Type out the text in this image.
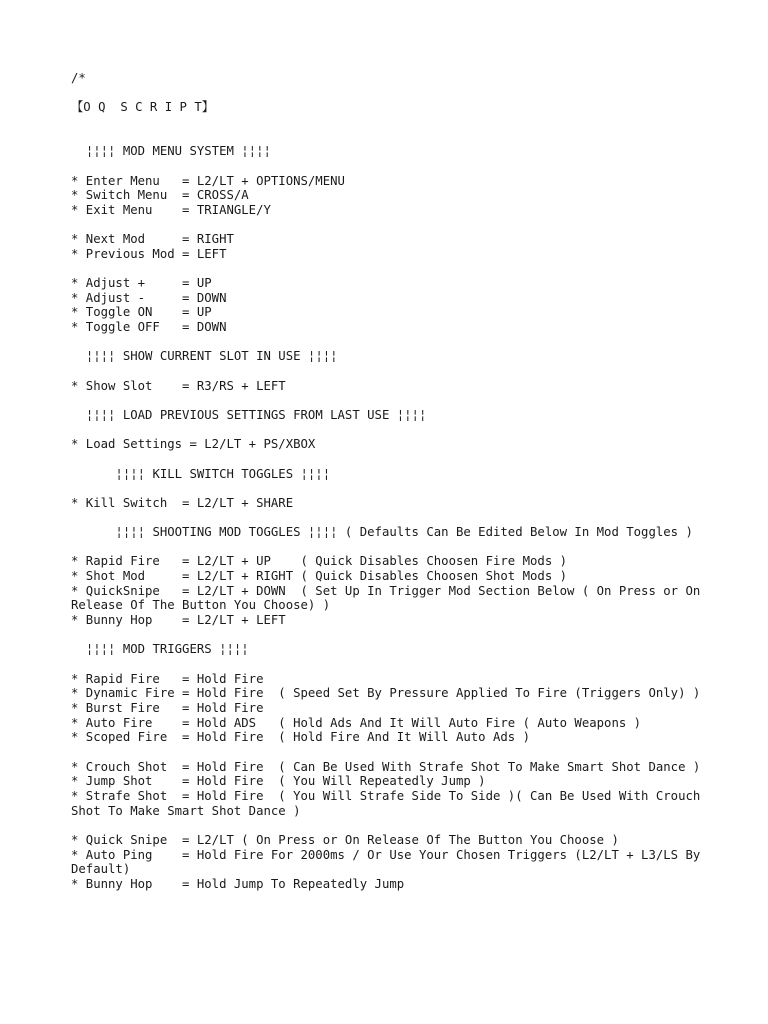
/*
【O Q  S C R I P T】
¦¦¦¦ MOD MENU SYSTEM ¦¦¦¦
* Enter Menu   = L2/LT + OPTIONS/MENU
* Switch Menu  = CROSS/A
* Exit Menu    = TRIANGLE/Y
* Next Mod     = RIGHT
* Previous Mod = LEFT
* Adjust +     = UP
* Adjust -     = DOWN
* Toggle ON    = UP
* Toggle OFF   = DOWN
¦¦¦¦ SHOW CURRENT SLOT IN USE ¦¦¦¦
* Show Slot    = R3/RS + LEFT
¦¦¦¦ LOAD PREVIOUS SETTINGS FROM LAST USE ¦¦¦¦
* Load Settings = L2/LT + PS/XBOX
¦¦¦¦ KILL SWITCH TOGGLES ¦¦¦¦
* Kill Switch  = L2/LT + SHARE
¦¦¦¦ SHOOTING MOD TOGGLES ¦¦¦¦ ( Defaults Can Be Edited Below In Mod Toggles )
* Rapid Fire   = L2/LT + UP    ( Quick Disables Choosen Fire Mods )
* Shot Mod     = L2/LT + RIGHT ( Quick Disables Choosen Shot Mods )
* QuickSnipe   = L2/LT + DOWN  ( Set Up In Trigger Mod Section Below ( On Press or On Release Of The Button You Choose) )
* Bunny Hop    = L2/LT + LEFT
¦¦¦¦ MOD TRIGGERS ¦¦¦¦
* Rapid Fire   = Hold Fire
* Dynamic Fire = Hold Fire  ( Speed Set By Pressure Applied To Fire (Triggers Only) )
* Burst Fire   = Hold Fire
* Auto Fire    = Hold ADS   ( Hold Ads And It Will Auto Fire ( Auto Weapons )
* Scoped Fire  = Hold Fire  ( Hold Fire And It Will Auto Ads )
* Crouch Shot  = Hold Fire  ( Can Be Used With Strafe Shot To Make Smart Shot Dance )
* Jump Shot    = Hold Fire  ( You Will Repeatedly Jump )
* Strafe Shot  = Hold Fire  ( You Will Strafe Side To Side )( Can Be Used With Crouch Shot To Make Smart Shot Dance )
* Quick Snipe  = L2/LT ( On Press or On Release Of The Button You Choose )
* Auto Ping    = Hold Fire For 2000ms / Or Use Your Chosen Triggers (L2/LT + L3/LS By Default)
* Bunny Hop    = Hold Jump To Repeatedly Jump
